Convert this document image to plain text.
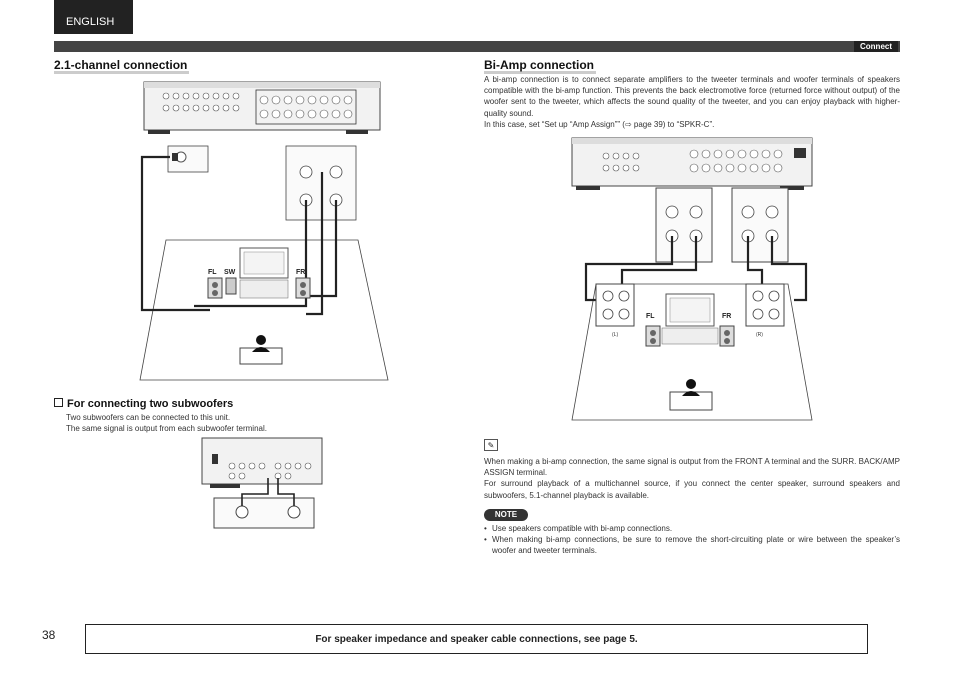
ENGLISH
Connect
2.1-channel connection
FL SW	FR
For connecting two subwoofers
Two subwoofers can be connected to this unit.
The same signal is output from each subwoofer terminal.
Bi-Amp connection
A bi-amp connection is to connect separate amplifiers to the tweeter terminals and woofer terminals of speakers compatible with the bi-amp function. This prevents the back electromotive force (returned force without output) of the woofer sent to the tweeter, which affects the sound quality of the tweeter, and you can enjoy playback with higher-quality sound.
In this case, set “Set up “Amp Assign”” (⇨ page 39) to “SPKR-C”.
FL	FR
(L)	(R)
✎
When making a bi-amp connection, the same signal is output from the FRONT A terminal and the SURR. BACK/AMP ASSIGN terminal.
For surround playback of a multichannel source, if you connect the center speaker, surround speakers and subwoofers, 5.1-channel playback is available.
NOTE
• Use speakers compatible with bi-amp connections.
• When making bi-amp connections, be sure to remove the short-circuiting plate or wire between the speaker’s woofer and tweeter terminals.
38	For speaker impedance and speaker cable connections, see page 5.
